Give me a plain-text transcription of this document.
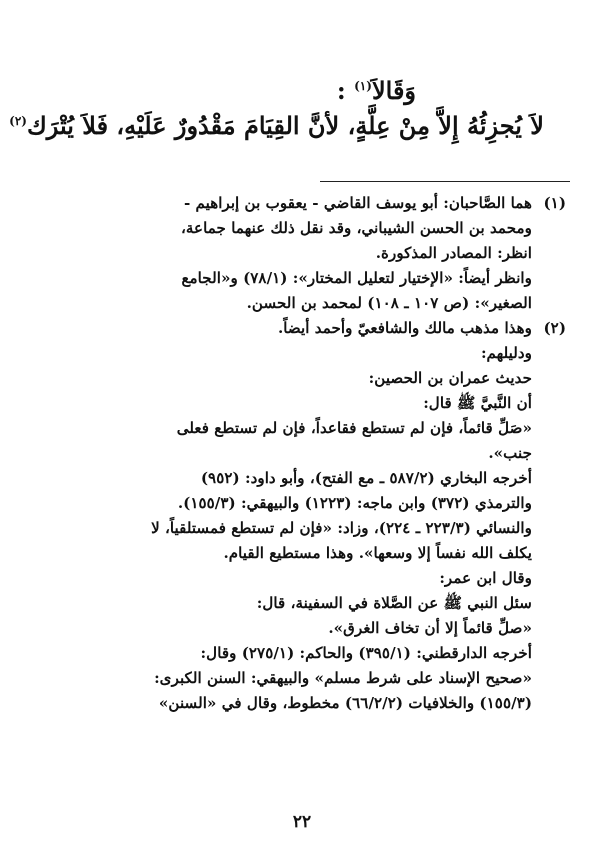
وَقَالاَ$^{(١)}$ :
لاَ يُجزِئُهُ إِلاَّ مِنْ عِلَّةٍ، لأنَّ القِيَامَ مَقْدُورٌ عَلَيْهِ، فَلاَ يُتْرَك$^{(٢)}$

(١)هما الصَّاحبان: أبو يوسف القاضي - يعقوب بن إبراهيم -

ومحمد بن الحسن الشيباني، وقد نقل ذلك عنهما جماعة،

انظر: المصادر المذكورة.

وانظر أيضاً: «الإختيار لتعليل المختار»: (٧٨/١) و«الجامع

الصغير»: (ص ١٠٧ ـ ١٠٨) لمحمد بن الحسن.

(٢)وهذا مذهب مالك والشافعيّ وأحمد أيضاً.

ودليلهم:

حديث عمران بن الحصين:

أن النَّبيَّ ﷺ قال:

«صَلِّ قائماً، فإن لم تستطع فقاعداً، فإن لم تستطع فعلى

جنب».

أخرجه البخاري (٥٨٧/٢ ـ مع الفتح)، وأبو داود: (٩٥٢)

والترمذي (٣٧٢) وابن ماجه: (١٢٢٣) والبيهقي: (١٥٥/٣).

والنسائي (٢٢٣/٣ ـ ٢٢٤)، وزاد: «فإن لم تستطع فمستلقياً، لا

يكلف الله نفساً إلا وسعها». وهذا مستطيع القيام.

وقال ابن عمر:

سئل النبي ﷺ عن الصَّلاة في السفينة، قال:

«صلِّ قائماً إلا أن تخاف الغرق».

أخرجه الدارقطني: (٣٩٥/١) والحاكم: (٢٧٥/١) وقال:

«صحيح الإسناد على شرط مسلم» والبيهقي: السنن الكبرى:

(١٥٥/٣) والخلافيات (٦٦/٢/٢) مخطوط، وقال في «السنن»

٢٢
